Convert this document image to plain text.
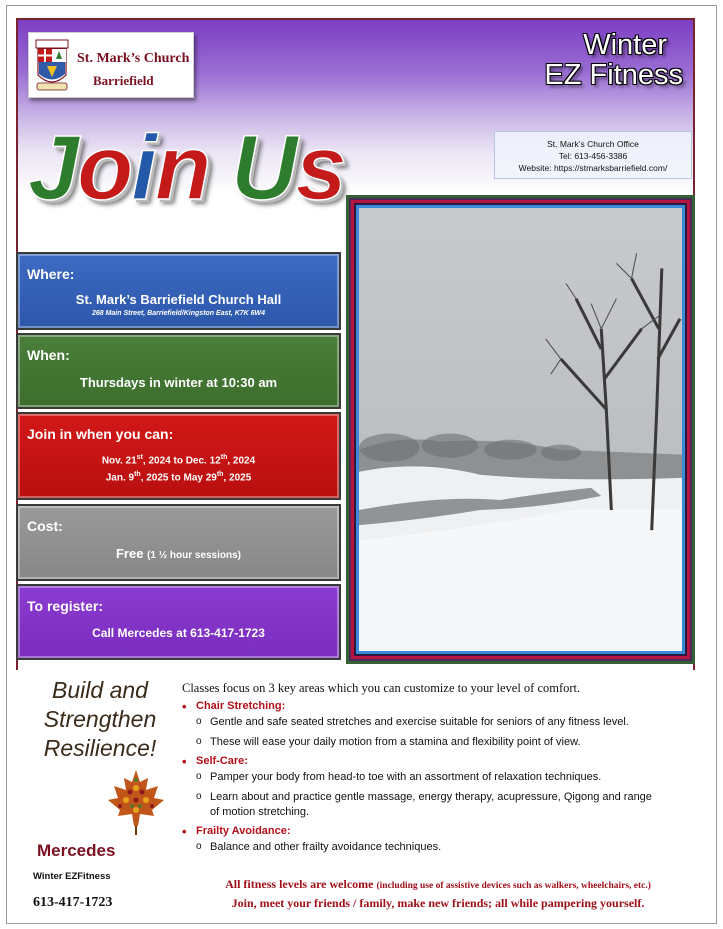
St. Mark’s Church
Barriefield
Winter
EZ Fitness
St. Mark’s Church Office
Tel: 613-456-3386
Website: https://stmarksbarriefield.com/
Join Us
Where:
St. Mark’s Barriefield Church Hall
268 Main Street, Barriefield/Kingston East, K7K 6W4
When:
Thursdays in winter at 10:30 am
Join in when you can:
Nov. 21st, 2024 to Dec. 12th, 2024
Jan. 9th, 2025 to May 29th, 2025
Cost:
Free (1 ½ hour sessions)
To register:
Call Mercedes at 613-417-1723
Build and
Strengthen
Resilience!
Mercedes
Winter EZFitness
613-417-1723
Classes focus on 3 key areas which you can customize to your level of comfort.
• Chair Stretching:
o Gentle and safe seated stretches and exercise suitable for seniors of any fitness level.
o These will ease your daily motion from a stamina and flexibility point of view.
• Self-Care:
o Pamper your body from head-to toe with an assortment of relaxation techniques.
o Learn about and practice gentle massage, energy therapy, acupressure, Qigong and range of motion stretching.
• Frailty Avoidance:
o Balance and other frailty avoidance techniques.
All fitness levels are welcome (including use of assistive devices such as walkers, wheelchairs, etc.)
Join, meet your friends / family, make new friends; all while pampering yourself.
